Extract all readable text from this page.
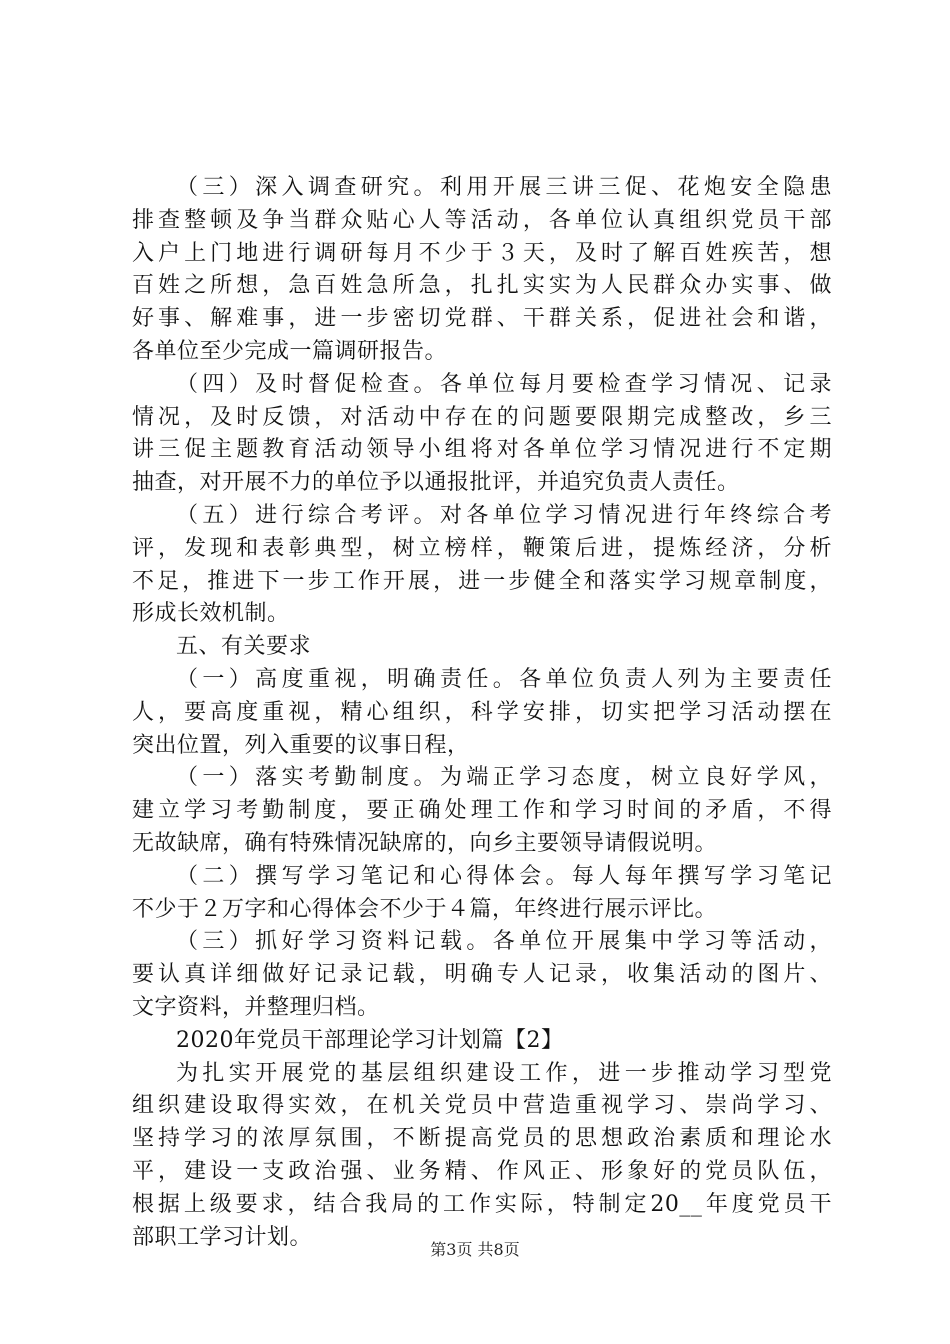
（三）深入调查研究。利用开展三讲三促、花炮安全隐患
排查整顿及争当群众贴心人等活动，各单位认真组织党员干部
入户上门地进行调研每月不少于３天，及时了解百姓疾苦，想
百姓之所想，急百姓急所急，扎扎实实为人民群众办实事、做
好事、解难事，进一步密切党群、干群关系，促进社会和谐，
各单位至少完成一篇调研报告。
（四）及时督促检查。各单位每月要检查学习情况、记录
情况，及时反馈，对活动中存在的问题要限期完成整改，乡三
讲三促主题教育活动领导小组将对各单位学习情况进行不定期
抽查，对开展不力的单位予以通报批评，并追究负责人责任。
（五）进行综合考评。对各单位学习情况进行年终综合考
评，发现和表彰典型，树立榜样，鞭策后进，提炼经济，分析
不足，推进下一步工作开展，进一步健全和落实学习规章制度，
形成长效机制。
五、有关要求
（一）高度重视，明确责任。各单位负责人列为主要责任
人，要高度重视，精心组织，科学安排，切实把学习活动摆在
突出位置，列入重要的议事日程，
（一）落实考勤制度。为端正学习态度，树立良好学风，
建立学习考勤制度，要正确处理工作和学习时间的矛盾，不得
无故缺席，确有特殊情况缺席的，向乡主要领导请假说明。
（二）撰写学习笔记和心得体会。每人每年撰写学习笔记
不少于２万字和心得体会不少于４篇，年终进行展示评比。
（三）抓好学习资料记载。各单位开展集中学习等活动，
要认真详细做好记录记载，明确专人记录，收集活动的图片、
文字资料，并整理归档。
2020年党员干部理论学习计划篇【2】
为扎实开展党的基层组织建设工作，进一步推动学习型党
组织建设取得实效，在机关党员中营造重视学习、崇尚学习、
坚持学习的浓厚氛围，不断提高党员的思想政治素质和理论水
平，建设一支政治强、业务精、作风正、形象好的党员队伍，
根据上级要求，结合我局的工作实际，特制定20__年度党员干
部职工学习计划。	第3页 共8页
